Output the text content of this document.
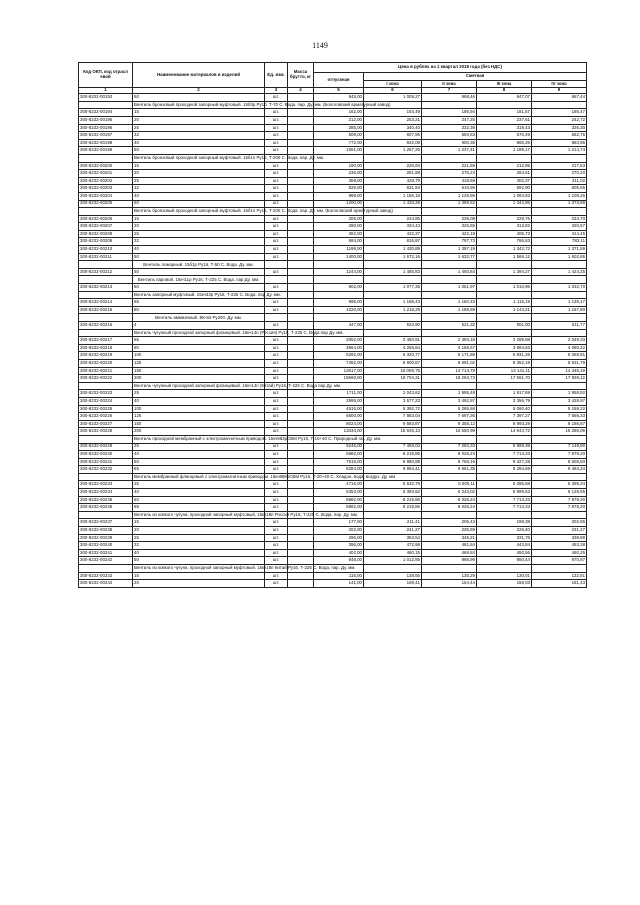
1149
Код ОКП, код отрасл евой	Наименование материалов и изделий	Ед. изм.	Масса брутто, кг	Цена в рублях на 1 квартал 2018 года (без НДС)				
				отпускная	Сметная			
					I зона	II зона	III зона	IV зона
1	2	3	4	5	6	7	8	9
300-8232-00193	50	шт.		845,00	1 009,27	968,46	947,07	967,44
	Вентиль бронзовый проходной запорный муфтовый. 15б3р Ру10, Т-70 С. Вода. пар. Ду. мм. (Бологовский арматурный завод)							
300-8232-00194	15	шт.		162,00	193,49	186,94	181,57	185,47
300-8232-00195	20	шт.		212,00	253,21	247,25	237,61	242,72
300-8232-00196	25	шт.		285,00	340,40	332,39	319,43	326,30
300-8232-00197	32	шт.		509,00	607,95	593,63	570,49	582,75
300-8232-00198	40	шт.		772,00	922,08	900,35	865,26	883,86
300-8232-00199	50	шт.		1061,00	1 267,26	1 237,41	1 189,17	1 214,74
	Вентиль бронзовый проходной запорный муфтовый. 15б1п Ру16, Т-200 С. Вода. пар. Ду. мм.							
300-8232-00200	15	шт.		190,00	226,94	221,59	212,95	217,53
300-8232-00201	20	шт.		236,00	281,88	275,24	264,51	270,20
300-8232-00202	25	шт.		359,00	428,79	418,69	402,37	411,02
300-8232-00203	32	шт.		529,00	631,84	616,95	592,90	605,65
300-8232-00204	40	шт.		968,00	1 156,18	1 128,95	1 084,93	1 108,26
300-8232-00205	50	шт.		1200,00	1 433,28	1 399,52	1 344,96	1 373,88
	Вентиль бронзовый проходной запорный муфтовый. 15б1п Ру16, Т-200 С. Вода. пар. Ду. мм. (Бологовский арматурный завод)							
300-8232-00206	15	шт.		205,00	244,85	239,08	229,76	234,70
300-8232-00207	20	шт.		280,00	334,43	326,55	313,82	320,57
300-8232-00208	25	шт.		362,00	432,37	422,19	405,73	414,45
300-8232-00209	32	шт.		684,00	816,97	797,73	766,63	783,11
300-8232-00210	40	шт.		1198,00	1 430,89	1 397,19	1 342,72	1 371,59
300-8232-00211	50	шт.		1400,00	1 672,16	1 632,77	1 569,12	1 602,86
	Вентиль пожарный. 15б1р Ру16, Т-50 С. Вода. Ду. мм.							
300-8232-00212	50	шт.		1244,00	1 485,83	1 450,84	1 394,27	1 424,25
	Вентиль паровой. 15кч11р Ру16, Т-225 С. Вода. пар Ду. мм.							
300-8232-00213	50	шт.		902,00	1 077,35	1 051,97	1 010,96	1 032,70
	Вентиль запорный муфтовый. 15кч33р Ру16, Т-225 С. Вода. пар Ду. мм.							
300-8232-00214	65	шт.		995,00	1 188,43	1 160,43	1 115,19	1 139,17
300-8232-00215	80	шт.		1020,00	1 218,29	1 189,59	1 143,21	1 167,80
	Вентиль аммиачный. ВК-84 Ру200. Ду. мм.							
300-8232-00216	4	шт.		447,00	533,90	521,32	501,00	511,77
	Вентиль чугунный проходной запорный фланцевый. 15кч14п (Россия) Ру16, Т-225 С. Вода пар Ду. мм.							
300-8232-00217	65	шт.		2052,00	2 450,91	2 393,18	2 299,88	2 349,33
300-8232-00218	80	шт.		3564,00	4 256,84	4 156,57	3 994,53	4 080,42
300-8232-00219	100	шт.		5292,00	6 320,77	6 171,88	5 931,26	6 058,81
300-8232-00220	125	шт.		7452,00	8 900,67	8 691,02	8 352,19	8 531,79
300-8232-00221	150	шт.		12617,00	15 069,75	14 714,78	14 141,11	14 445,19
300-8232-00222	200	шт.		15660,00	18 704,31	18 263,73	17 551,70	17 929,12
	Вентиль чугунный проходной запорный фланцевый. 15кч14п (Китай) Ру16, Т-225 С. Вода пар Ду. мм.							
300-8232-00223	25	шт.		1711,00	2 043,62	1 995,48	1 917,69	1 958,92
300-8232-00224	40	шт.		2995,00	3 577,23	3 492,97	3 356,79	3 428,97
300-8232-00225	100	шт.		4515,00	5 392,72	5 265,69	5 060,40	5 169,22
300-8232-00226	125	шт.		6600,00	7 883,04	7 697,36	7 397,27	7 556,33
300-8232-00227	150	шт.		8024,00	9 583,87	9 358,12	8 993,29	9 186,67
300-8232-00228	200	шт.		13334,00	15 926,13	15 550,99	14 944,72	15 266,09
	Вентиль проходной мембранный с электромагнитным приводом. 15кч883рСВМ Ру10, Т-15+40 С. Природный газ. Ду. мм.							
300-8232-00229	25	шт.		6245,00	7 459,03	7 283,33	6 999,38	7 149,90
300-8232-00230	40	шт.		6882,00	8 219,86	8 026,24	7 713,33	7 879,20
300-8232-00231	50	шт.		7519,00	8 980,89	8 769,16	8 427,28	8 608,50
300-8232-00232	65	шт.		8284,00	9 894,41	9 661,35	9 284,69	9 484,34
	Вентиль мембранный фланцевый с электромагнитным приводом. 15кч888рСВМ Ру16, Т-20+40 С. Хладон, вода, воздух. Ду. мм							
300-8232-00233	25	шт.		4716,00	5 632,79	5 500,11	5 285,68	5 399,34
300-8232-00234	40	шт.		5353,00	6 393,62	6 243,02	5 999,63	6 128,65
300-8232-00235	50	шт.		6882,00	8 219,86	8 026,24	7 713,33	7 879,20
300-8232-00236	65	шт.		6882,00	8 219,86	8 026,24	7 713,33	7 879,20
	Вентиль из ковкого чугуна, проходной запорный муфтовый, 15кч18п Россия Ру16, Т-225 С. Вода, пар. Ду. мм.							
300-8232-00237	15	шт.		177,00	211,41	206,43	198,38	202,65
300-8232-00238	20	шт.		202,00	241,27	235,59	226,40	231,27
300-8232-00239	25	шт.		296,00	353,54	345,21	331,76	338,89
300-8232-00240	32	шт.		396,00	472,98	461,84	443,84	453,38
300-8232-00241	40	шт.		402,00	480,15	468,84	450,56	460,25
300-8232-00242	50	шт.		848,00	1 012,85	988,99	950,44	970,87
	Вентиль из ковкого чугуна, проходной запорный муфтовый. 15кч18п Китай Ру16, Т-225 С. Вода, пар. Ду. мм.							
300-8232-00243	15	шт.		116,00	138,55	135,29	130,01	132,81
300-8232-00244	20	шт.		141,00	168,41	164,44	158,03	161,43
